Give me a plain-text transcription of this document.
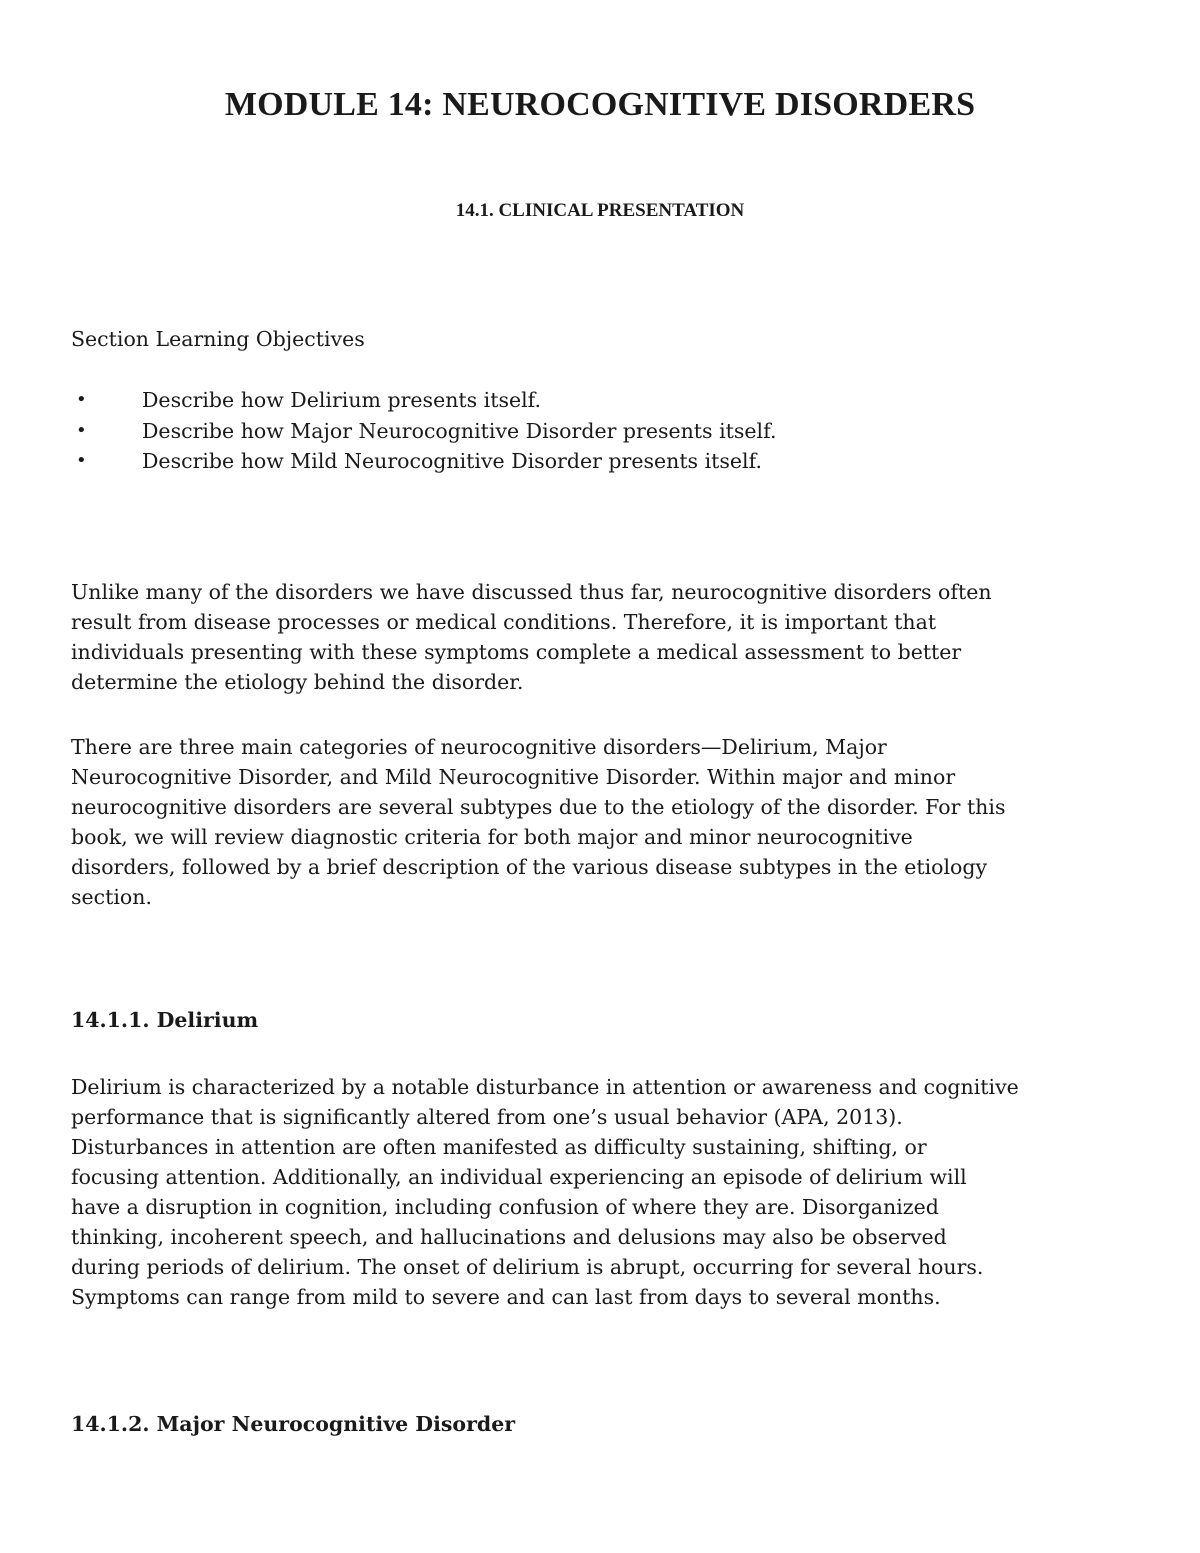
MODULE 14: NEUROCOGNITIVE DISORDERS
14.1. CLINICAL PRESENTATION

Section Learning Objectives

•	Describe how Delirium presents itself.
•	Describe how Major Neurocognitive Disorder presents itself.
•	Describe how Mild Neurocognitive Disorder presents itself.

Unlike many of the disorders we have discussed thus far, neurocognitive disorders often
result from disease processes or medical conditions. Therefore, it is important that
individuals presenting with these symptoms complete a medical assessment to better
determine the etiology behind the disorder.

There are three main categories of neurocognitive disorders—Delirium, Major
Neurocognitive Disorder, and Mild Neurocognitive Disorder. Within major and minor
neurocognitive disorders are several subtypes due to the etiology of the disorder. For this
book, we will review diagnostic criteria for both major and minor neurocognitive
disorders, followed by a brief description of the various disease subtypes in the etiology
section.

14.1.1. Delirium

Delirium is characterized by a notable disturbance in attention or awareness and cognitive
performance that is significantly altered from one’s usual behavior (APA, 2013).
Disturbances in attention are often manifested as difficulty sustaining, shifting, or
focusing attention. Additionally, an individual experiencing an episode of delirium will
have a disruption in cognition, including confusion of where they are. Disorganized
thinking, incoherent speech, and hallucinations and delusions may also be observed
during periods of delirium. The onset of delirium is abrupt, occurring for several hours.
Symptoms can range from mild to severe and can last from days to several months.

14.1.2. Major Neurocognitive Disorder
